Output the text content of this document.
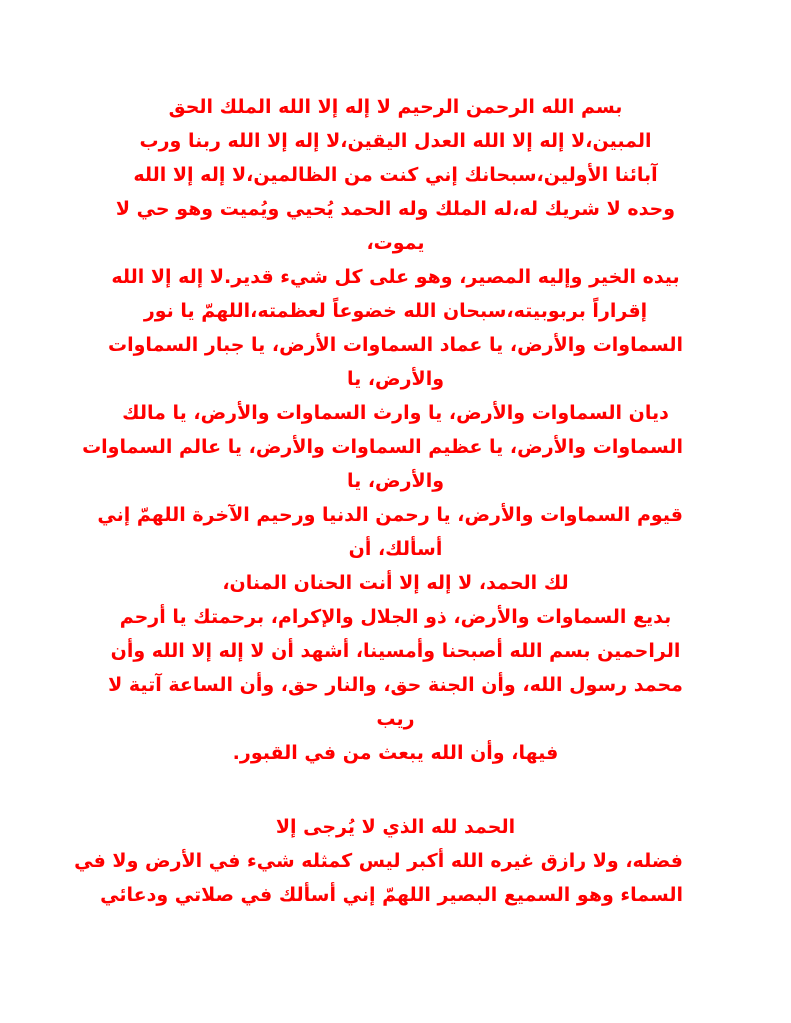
بسم الله الرحمن الرحيم لا إله إلا الله الملك الحق
المبين،لا إله إلا الله العدل اليقين،لا إله إلا الله ربنا ورب
آبائنا الأولين،سبحانك إني كنت من الظالمين،لا إله إلا الله
وحده لا شريك له،له الملك وله الحمد يُحيي ويُميت وهو حي لا
يموت،
بيده الخير وإليه المصير، وهو على كل شيء قدير.لا إله إلا الله
إقراراً بربوبيته،سبحان الله خضوعاً لعظمته،اللهمّ يا نور
السماوات والأرض، يا عماد السماوات الأرض، يا جبار السماوات
والأرض، يا
ديان السماوات والأرض، يا وارث السماوات والأرض، يا مالك
السماوات والأرض، يا عظيم السماوات والأرض، يا عالم السماوات
والأرض، يا
قيوم السماوات والأرض، يا رحمن الدنيا ورحيم الآخرة اللهمّ إني
أسألك، أن
لك الحمد، لا إله إلا أنت الحنان المنان،
بديع السماوات والأرض، ذو الجلال والإكرام، برحمتك يا أرحم
الراحمين بسم الله أصبحنا وأمسينا، أشهد أن لا إله إلا الله وأن
محمد رسول الله، وأن الجنة حق، والنار حق، وأن الساعة آتية لا
ريب
فيها، وأن الله يبعث من في القبور.
الحمد لله الذي لا يُرجى إلا
فضله، ولا رازق غيره الله أكبر ليس كمثله شيء في الأرض ولا في
السماء وهو السميع البصير اللهمّ إني أسألك في صلاتي ودعائي
